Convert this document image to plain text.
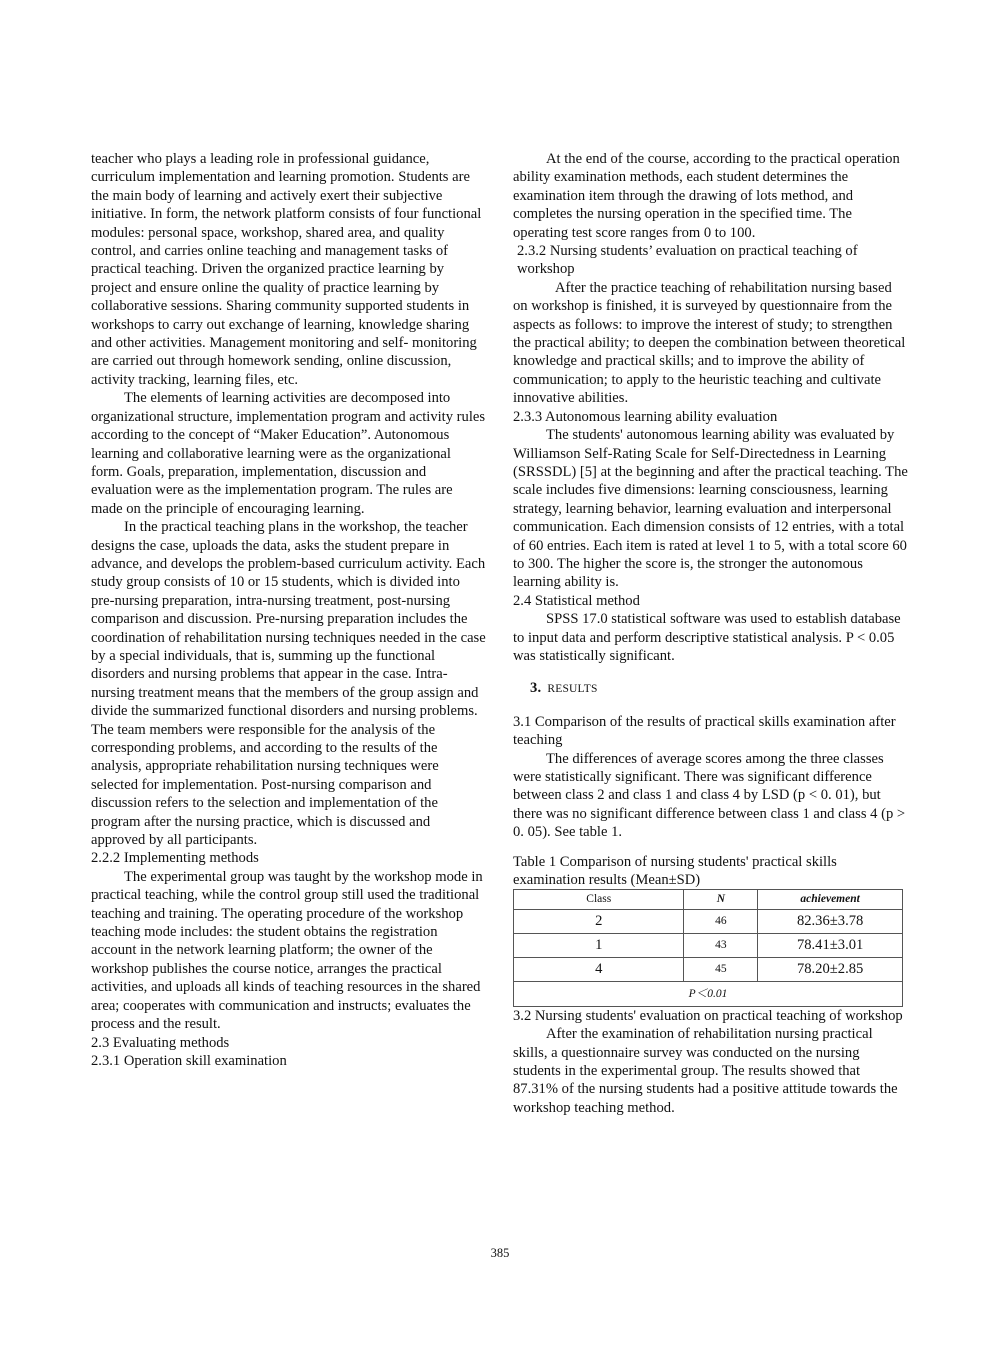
teacher who plays a leading role in professional guidance, curriculum implementation and learning promotion. Students are the main body of learning and actively exert their subjective initiative. In form, the network platform consists of four functional modules: personal space, workshop, shared area, and quality control, and carries online teaching and management tasks of practical teaching. Driven the organized practice learning by project and ensure online the quality of practice learning by collaborative sessions. Sharing community supported students in workshops to carry out exchange of learning, knowledge sharing and other activities. Management monitoring and self- monitoring are carried out through homework sending, online discussion, activity tracking, learning files, etc.

The elements of learning activities are decomposed into organizational structure, implementation program and activity rules according to the concept of “Maker Education”. Autonomous learning and collaborative learning were as the organizational form. Goals, preparation, implementation, discussion and evaluation were as the implementation program. The rules are made on the principle of encouraging learning.

In the practical teaching plans in the workshop, the teacher designs the case, uploads the data, asks the student prepare in advance, and develops the problem-based curriculum activity. Each study group consists of 10 or 15 students, which is divided into pre-nursing preparation, intra-nursing treatment, post-nursing comparison and discussion. Pre-nursing preparation includes the coordination of rehabilitation nursing techniques needed in the case by a special individuals, that is, summing up the functional disorders and nursing problems that appear in the case. Intra-nursing treatment means that the members of the group assign and divide the summarized functional disorders and nursing problems. The team members were responsible for the analysis of the corresponding problems, and according to the results of the analysis, appropriate rehabilitation nursing techniques were selected for implementation. Post-nursing comparison and discussion refers to the selection and implementation of the program after the nursing practice, which is discussed and approved by all participants.

2.2.2 Implementing methods

The experimental group was taught by the workshop mode in practical teaching, while the control group still used the traditional teaching and training. The operating procedure of the workshop teaching mode includes: the student obtains the registration account in the network learning platform; the owner of the workshop publishes the course notice, arranges the practical activities, and uploads all kinds of teaching resources in the shared area; cooperates with communication and instructs; evaluates the process and the result.

2.3 Evaluating methods

2.3.1 Operation skill examination

At the end of the course, according to the practical operation ability examination methods, each student determines the examination item through the drawing of lots method, and completes the nursing operation in the specified time. The operating test score ranges from 0 to 100.

2.3.2 Nursing students’ evaluation on practical teaching of workshop

After the practice teaching of rehabilitation nursing based on workshop is finished, it is surveyed by questionnaire from the aspects as follows: to improve the interest of study; to strengthen the practical ability; to deepen the combination between theoretical knowledge and practical skills; and to improve the ability of communication; to apply to the heuristic teaching and cultivate innovative abilities.

2.3.3 Autonomous learning ability evaluation

The students' autonomous learning ability was evaluated by Williamson Self-Rating Scale for Self-Directedness in Learning (SRSSDL) [5] at the beginning and after the practical teaching. The scale includes five dimensions: learning consciousness, learning strategy, learning behavior, learning evaluation and interpersonal communication. Each dimension consists of 12 entries, with a total of 60 entries. Each item is rated at level 1 to 5, with a total score 60 to 300. The higher the score is, the stronger the autonomous learning ability is.

2.4 Statistical method

SPSS 17.0 statistical software was used to establish database to input data and perform descriptive statistical analysis. P < 0.05 was statistically significant.

3. RESULTS

3.1 Comparison of the results of practical skills examination after teaching

The differences of average scores among the three classes were statistically significant. There was significant difference between class 2 and class 1 and class 4 by LSD (p < 0. 01), but there was no significant difference between class 1 and class 4 (p > 0. 05). See table 1.

Table 1 Comparison of nursing students' practical skills examination results (Mean±SD)

Class	N	achievement
2	46	82.36±3.78
1	43	78.41±3.01
4	45	78.20±2.85
P＜0.01		

3.2 Nursing students' evaluation on practical teaching of workshop

After the examination of rehabilitation nursing practical skills, a questionnaire survey was conducted on the nursing students in the experimental group. The results showed that 87.31% of the nursing students had a positive attitude towards the workshop teaching method.

385
